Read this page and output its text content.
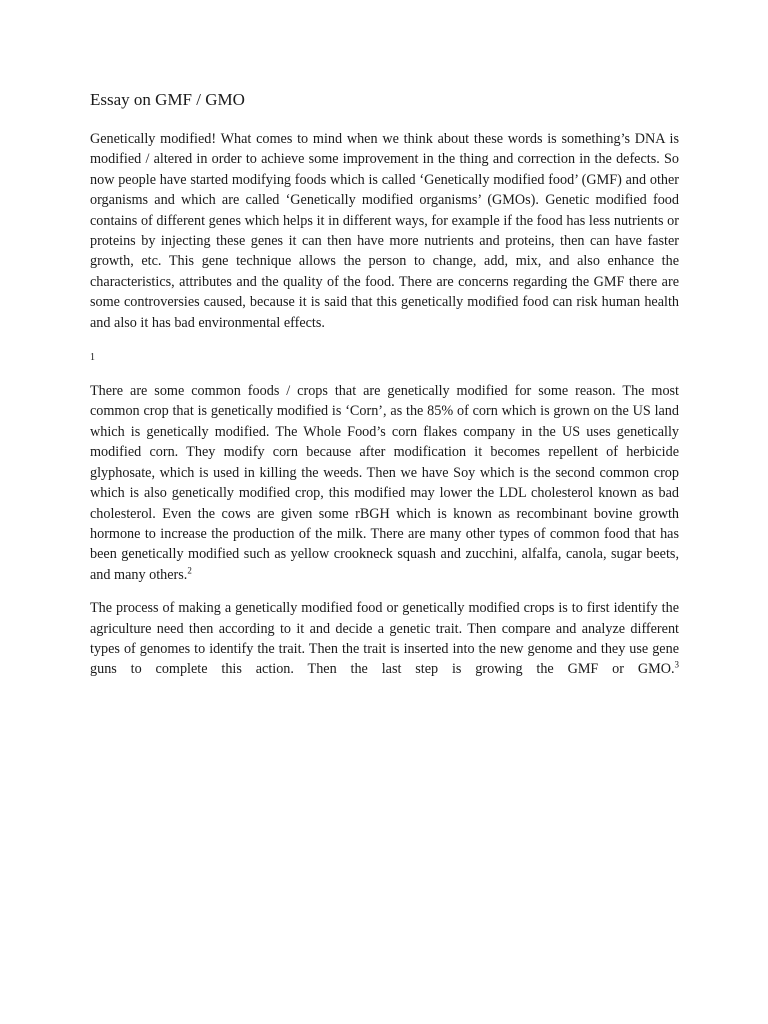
Essay on GMF / GMO

Genetically modified! What comes to mind when we think about these words is something’s DNA is modified / altered in order to achieve some improvement in the thing and correction in the defects. So now people have started modifying foods which is called ‘Genetically modified food’ (GMF) and other organisms and which are called ‘Genetically modified organisms’ (GMOs). Genetic modified food contains of different genes which helps it in different ways, for example if the food has less nutrients or proteins by injecting these genes it can then have more nutrients and proteins, then can have faster growth, etc. This gene technique allows the person to change, add, mix, and also enhance the characteristics, attributes and the quality of the food. There are concerns regarding the GMF there are some controversies caused, because it is said that this genetically modified food can risk human health and also it has bad environmental effects.

1

There are some common foods / crops that are genetically modified for some reason. The most common crop that is genetically modified is ‘Corn’, as the 85% of corn which is grown on the US land which is genetically modified. The Whole Food’s corn flakes company in the US uses genetically modified corn. They modify corn because after modification it becomes repellent of herbicide glyphosate, which is used in killing the weeds. Then we have Soy which is the second common crop which is also genetically modified crop, this modified may lower the LDL cholesterol known as bad cholesterol. Even the cows are given some rBGH which is known as recombinant bovine growth hormone to increase the production of the milk. There are many other types of common food that has been genetically modified such as yellow crookneck squash and zucchini, alfalfa, canola, sugar beets, and many others.$^2$

The process of making a genetically modified food or genetically modified crops is to first identify the agriculture need then according to it and decide a genetic trait. Then compare and analyze different types of genomes to identify the trait. Then the trait is inserted into the new genome and they use gene guns to complete this action. Then the last step is growing the GMF or GMO.$^3$
